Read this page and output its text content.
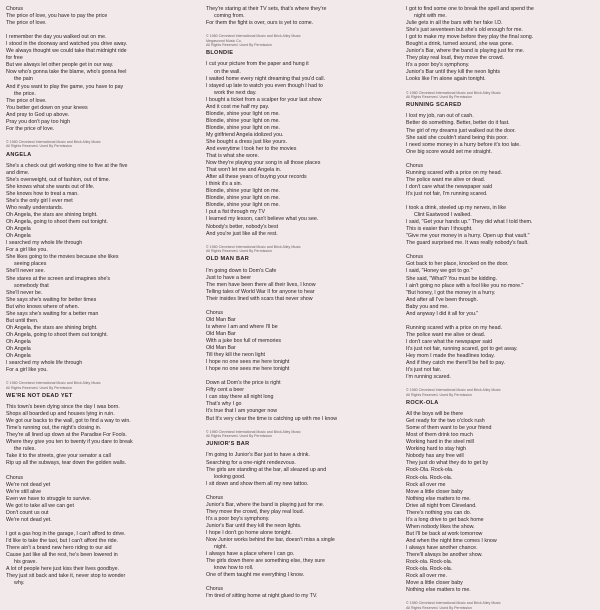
Chorus
The price of love, you have to pay the price
The price of love.
I remember the day you walked out on me.
I stood in the doorway and watched you drive away.
We always thought we could take that midnight ride
for free
But we always let other people get in our way.
Now who's gonna take the blame, who's gonna feel
the pain
And if you want to play the game, you have to pay
the price.
The price of love.
You better get down on your knees
And pray to God up above.
Pray you don't pay too high
For the price of love.
© 1980 Cleveland International Music and Brick Alley Music
All Rights Reserved. Used By Permission
ANGELA
She's a check out girl working nine to five at the five
and dime.
She's overweight, out of fashion, out of time.
She knows what she wants out of life.
She knows how to treat a man.
She's the only girl I ever met
Who really understands.
Oh Angela, the stars are shining bright.
Oh Angela, going to shoot them out tonight.
Oh Angela
Oh Angela
I searched my whole life through
For a girl like you.
She likes going to the movies because she likes
seeing places
She'll never see.
She stares at the screen and imagines she's
somebody that
She'll never be.
She says she's waiting for better times
But who knows where of when.
She says she's waiting for a better man
But until then.
Oh Angela, the stars are shining bright.
Oh Angela, going to shoot them out tonight.
Oh Angela
Oh Angela
Oh Angela
I searched my whole life through
For a girl like you.
© 1980 Cleveland International Music and Brick Alley Music
All Rights Reserved. Used By Permission
WE'RE NOT DEAD YET
This town's been dying since the day I was born.
Shops all boarded up and houses lying in ruin.
We got our backs to the wall, got to find a way to win.
Time's running out, the night's closing in.
They're all lined up down at the Paradise For Fools.
Where they give you ten to twenty if you dare to break
the rules.
Take it to the streets, give your senator a call
Rip up all the subways, tear down the golden walls.
Chorus
We're not dead yet
We're still alive
Even we have to struggle to survive.
We got to take all we can get
Don't count us out
We're not dead yet.
I got a gas hog in the garage, I can't afford to drive.
I'd like to take the taxi, but I can't afford the ride.
There ain't a brand new hero riding to our aid
Cause just like all the rest, he's been lowered in
his grave.
A lot of people here just kiss their lives goodbye.
They just sit back and take it, never stop to wonder
why.
They're staring at their TV sets, that's where they're
coming from.
For them the fight is over, ours is yet to come.
© 1980 Cleveland International Music and Brick Alley Music
Megasound Music Co.
All Rights Reserved. Used By Permission
BLONDIE
I cut your picture from the paper and hung it
on the wall.
I waited home every night dreaming that you'd call.
I stayed up late to watch you even though I had to
work the next day.
I bought a ticket from a scalper for your last show
And it cost me half my pay.
Blondie, shine your light on me.
Blondie, shine your light on me.
Blondie, shine your light on me.
My girlfriend Angela idolized you.
She bought a dress just like yours.
And everytime I took her to the movies
That is what she wore.
Now they're playing your song in all those places
That won't let me and Angela in.
After all these years of buying your records
I think it's a sin.
Blondie, shine your light on me.
Blondie, shine your light on me.
Blondie, shine your light on me.
I put a fist through my TV
I learned my lesson, can't believe what you see.
Nobody's better, nobody's best
And you're just like all the rest.
© 1980 Cleveland International Music and Brick Alley Music
All Rights Reserved. Used By Permission
OLD MAN BAR
I'm going down to Dom's Cafe
Just to have a beer
The men have been there all their lives, I know
Telling tales of World War II for anyone to hear
Their insides lined with scars that never show
Chorus
Old Man Bar
Is where I am and where I'll be
Old Man Bar
With a juke box full of memories
Old Man Bar
Till they kill the neon light
I hope no one sees me here tonight
I hope no one sees me here tonight
Down at Dom's the price is right
Fifty cent a beer
I can stay there all night long
That's why I go
It's true that I am younger now
But It's very clear the time is catching up with me I know
© 1980 Cleveland International Music and Brick Alley Music
All Rights Reserved. Used By Permission
JUNIOR'S BAR
I'm going to Junior's Bar just to have a drink.
Searching for a one-night rendezvous.
The girls are standing at the bar, all sleazed up and
looking good.
I sit down and show them all my new tattoo.
Chorus
Junior's Bar, where the band is playing just for me.
They move the crowd, they play real loud.
It's a poor boy's symphony.
Junior's Bar until they kill the neon lights.
I hope I don't go home alone tonight.
Now Junior works behind the bar, doesn't miss a single
night.
I always have a place where I can go.
The girls down there are something else, they sure
know how to roll.
One of them taught me everything I know.
Chorus
I'm tired of sitting home at night glued to my TV.
I got to find some one to break the spell and spend the
night with me.
Julie gets in all the bars with her fake I.D.
She's just seventeen but she's old enough for me.
I got to make my move before they play the final song.
Bought a drink, turned around, she was gone.
Junior's Bar, where the band is playing just for me.
They play real loud, they move the crowd.
It's a poor boy's symphony.
Junior's Bar until they kill the neon lights
Looks like I'm alone again tonight.
© 1980 Cleveland International Music and Brick Alley Music
All Rights Reserved. Used By Permission
RUNNING SCARED
I lost my job, ran out of cash.
Better do something. Better, better do it fast.
The girl of my dreams just walked out the door.
She said she couldn't stand being this poor.
I need some money in a hurry before it's too late.
One big score would set me straight.
Chorus
Running scared with a price on my head.
The police want me alive or dead.
I don't care what the newspaper said
It's just not fair, I'm running scared.
I took a drink, steeled up my nerves, in like
Clint Eastwood I walked.
I said, "Get your hands up." They did what I told them.
This is easier than I thought.
"Give me your money in a hurry. Open up that vault."
The guard surprised me. It was really nobody's fault.
Chorus
Got back to her place, knocked on the door.
I said, "Honey we got to go."
She said, "What? You must be kidding.
I ain't going no place with a fool like you no more."
"But honey, I got the money in a hurry.
And after all I've been through.
Baby you and me.
And anyway I did it all for you."
Running scared with a price on my head.
The police want me alive or dead.
I don't care what the newspaper said
It's just not fair, running scared, got to get away.
Hey mom I made the headlines today.
And if they catch me there'll be hell to pay.
It's just not fair.
I'm running scared.
© 1980 Cleveland International Music and Brick Alley Music
All Rights Reserved. Used By Permission
ROCK-OLA
All the boys will be there
Get ready for the two o'clock rush
Some of them want to be your friend
Most of them drink too much
Working hard in the steel mill
Working hard to stay high
Nobody has any free will
They just do what they do to get by
Rock-Ola. Rock-ola.
Rock-ola. Rock-ola.
Rock all over me
Move a little closer baby
Nothing else matters to me.
Drive all night from Cleveland.
There's nothing you can do.
It's a long drive to get back home
When nobody likes the show.
But I'll be back at work tomorrow
And when the night time comes I know
I always have another chance.
There'll always be another show.
Rock-ola. Rock-ola.
Rock-ola. Rock-ola.
Rock all over me.
Move a little closer baby
Nothing else matters to me.
© 1980 Cleveland International Music and Brick Alley Music
All Rights Reserved. Used By Permission
